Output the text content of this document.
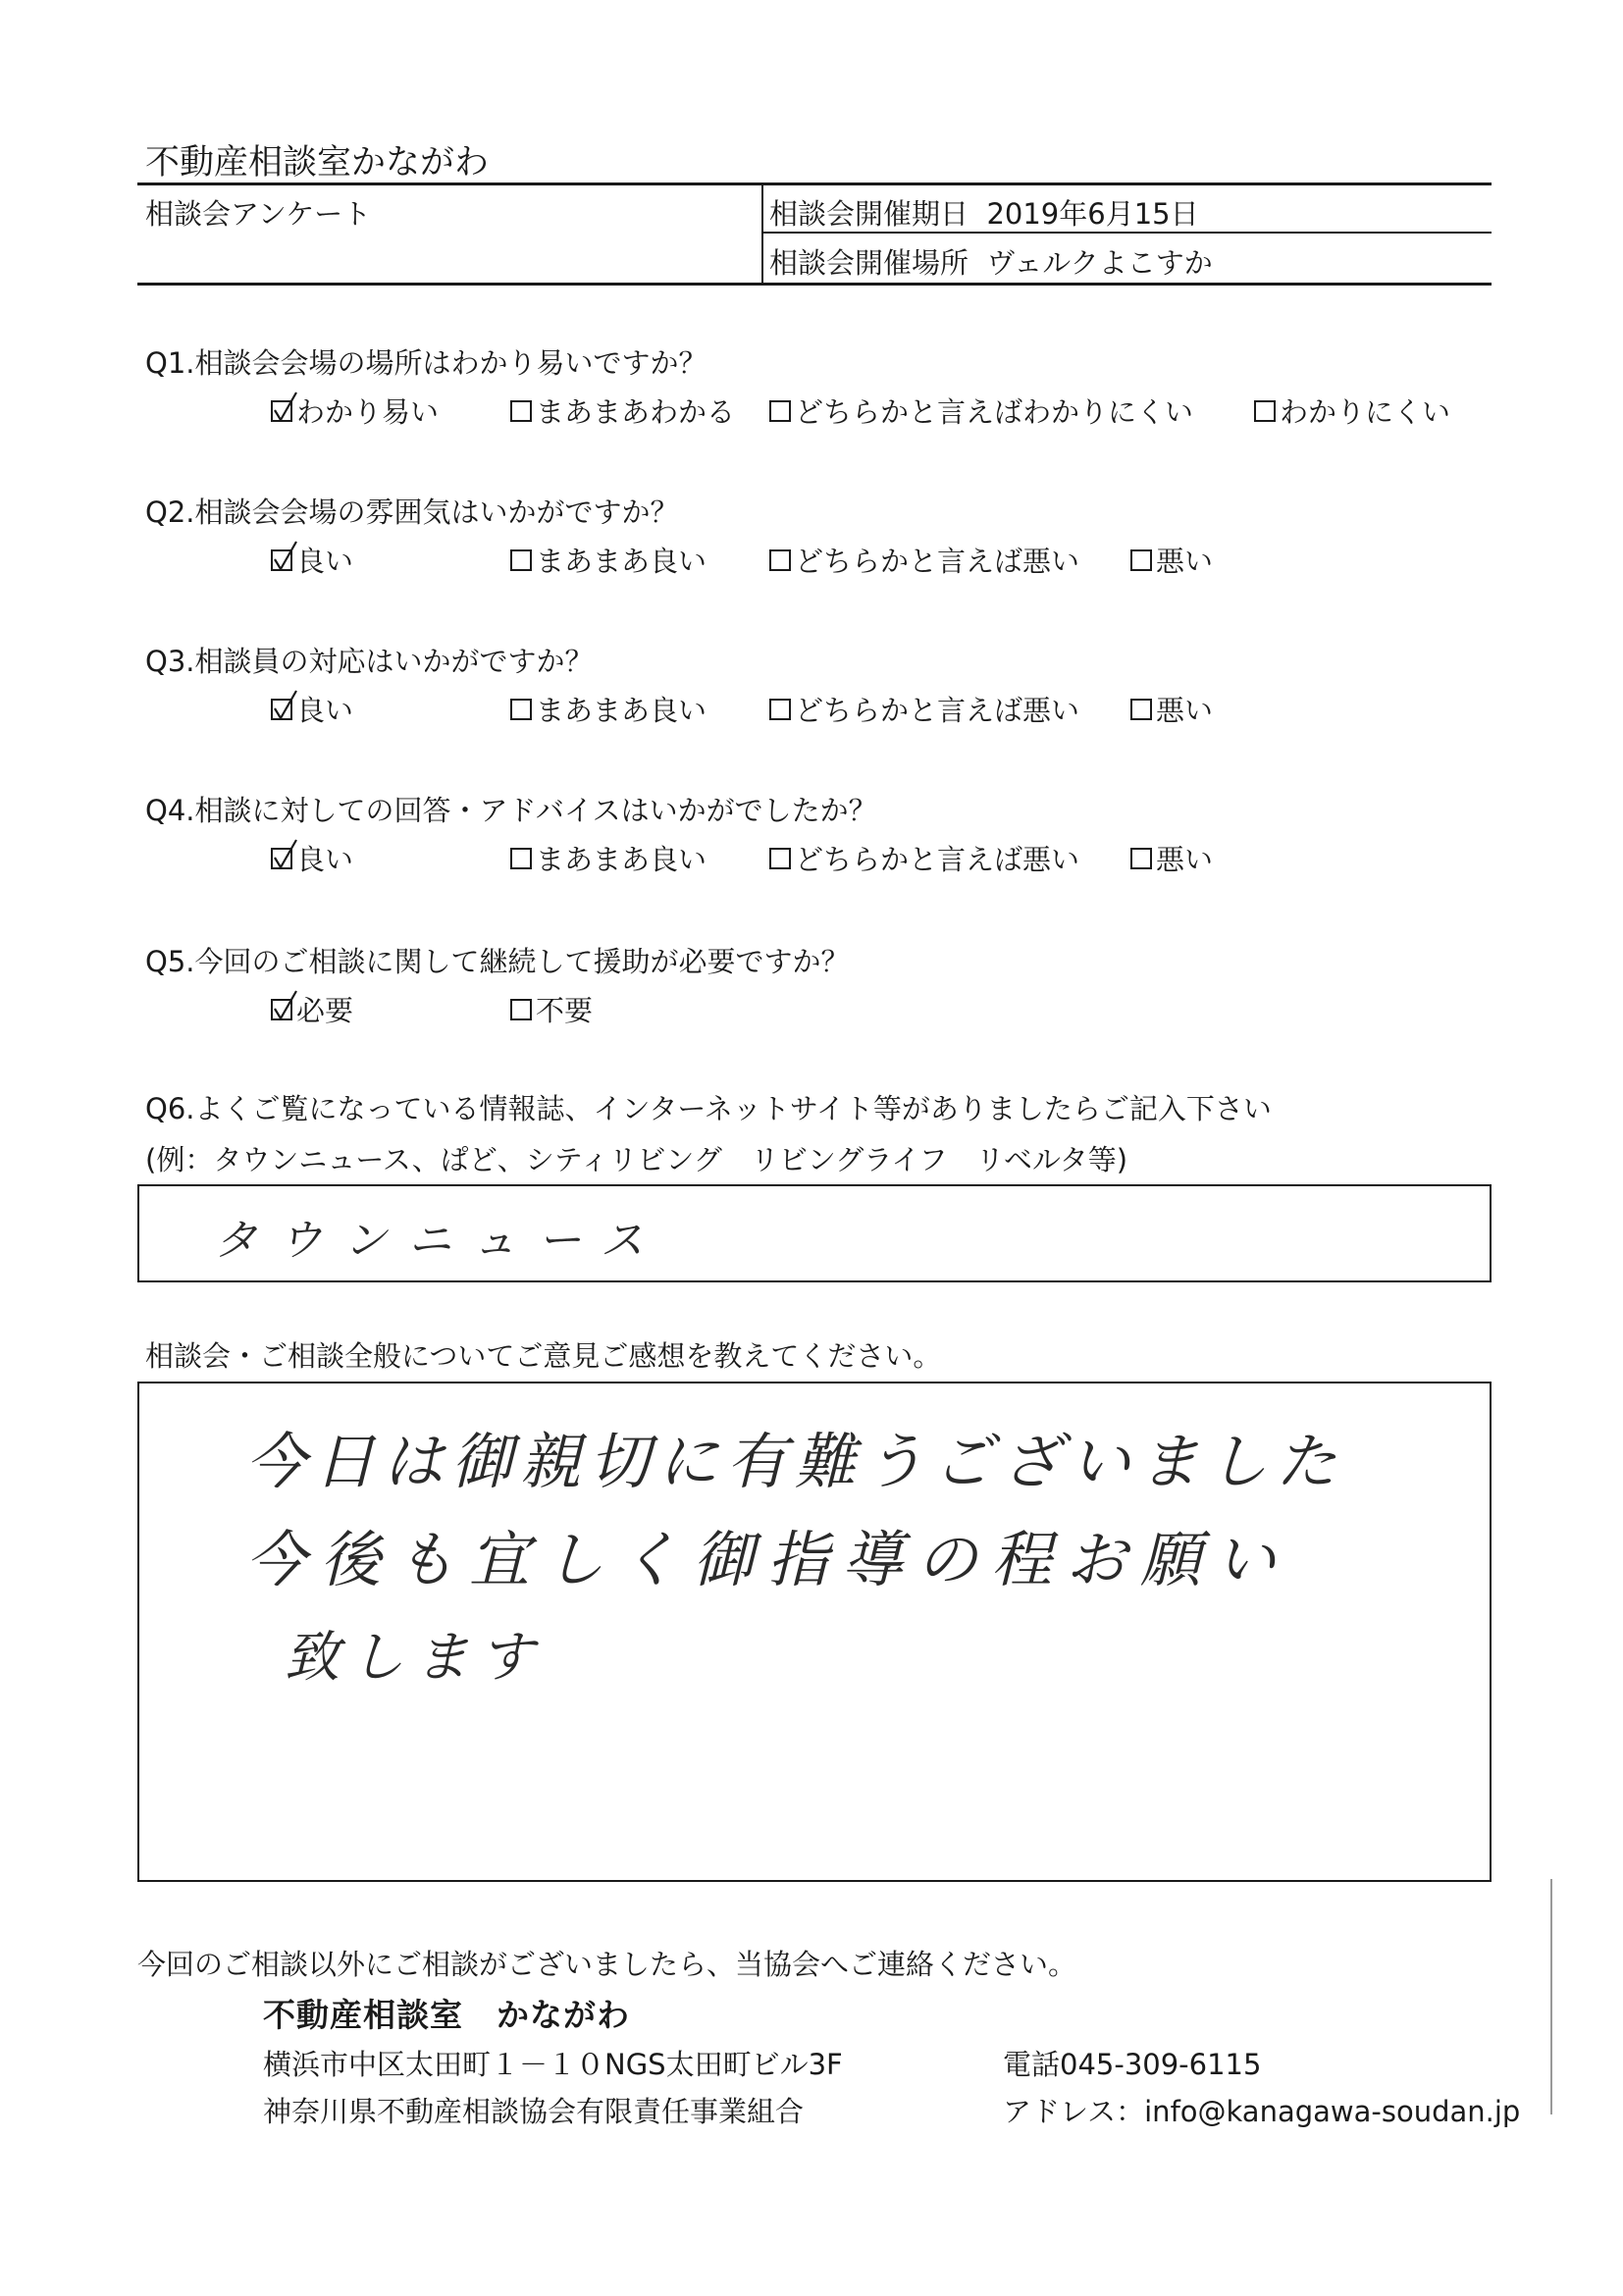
不動産相談室かながわ
相談会アンケート	相談会開催期日 2019年6月15日
相談会開催場所 ヴェルクよこすか
Q1.相談会会場の場所はわかり易いですか？
わかり易い	まあまあわかる どちらかと言えばわかりにくい	わかりにくい
Q2.相談会会場の雰囲気はいかがですか？
良い	まあまあ良い	どちらかと言えば悪い	悪い
Q3.相談員の対応はいかがですか？
良い	まあまあ良い	どちらかと言えば悪い	悪い
Q4.相談に対しての回答・アドバイスはいかがでしたか？
良い	まあまあ良い	どちらかと言えば悪い	悪い
Q5.今回のご相談に関して継続して援助が必要ですか？
必要	不要
Q6.よくご覧になっている情報誌、インターネットサイト等がありましたらご記入下さい
(例：タウンニュース、ぱど、シティリビング　リビングライフ　リベルタ等)
タウンニュース
相談会・ご相談全般についてご意見ご感想を教えてください。
今日は御親切に有難うございました
今後も宜しく御指導の程お願い
致します
今回のご相談以外にご相談がございましたら、当協会へご連絡ください。
不動産相談室　かながわ
横浜市中区太田町１－１０NGS太田町ビル3F	電話045-309-6115
神奈川県不動産相談協会有限責任事業組合	アドレス：info@kanagawa-soudan.jp
